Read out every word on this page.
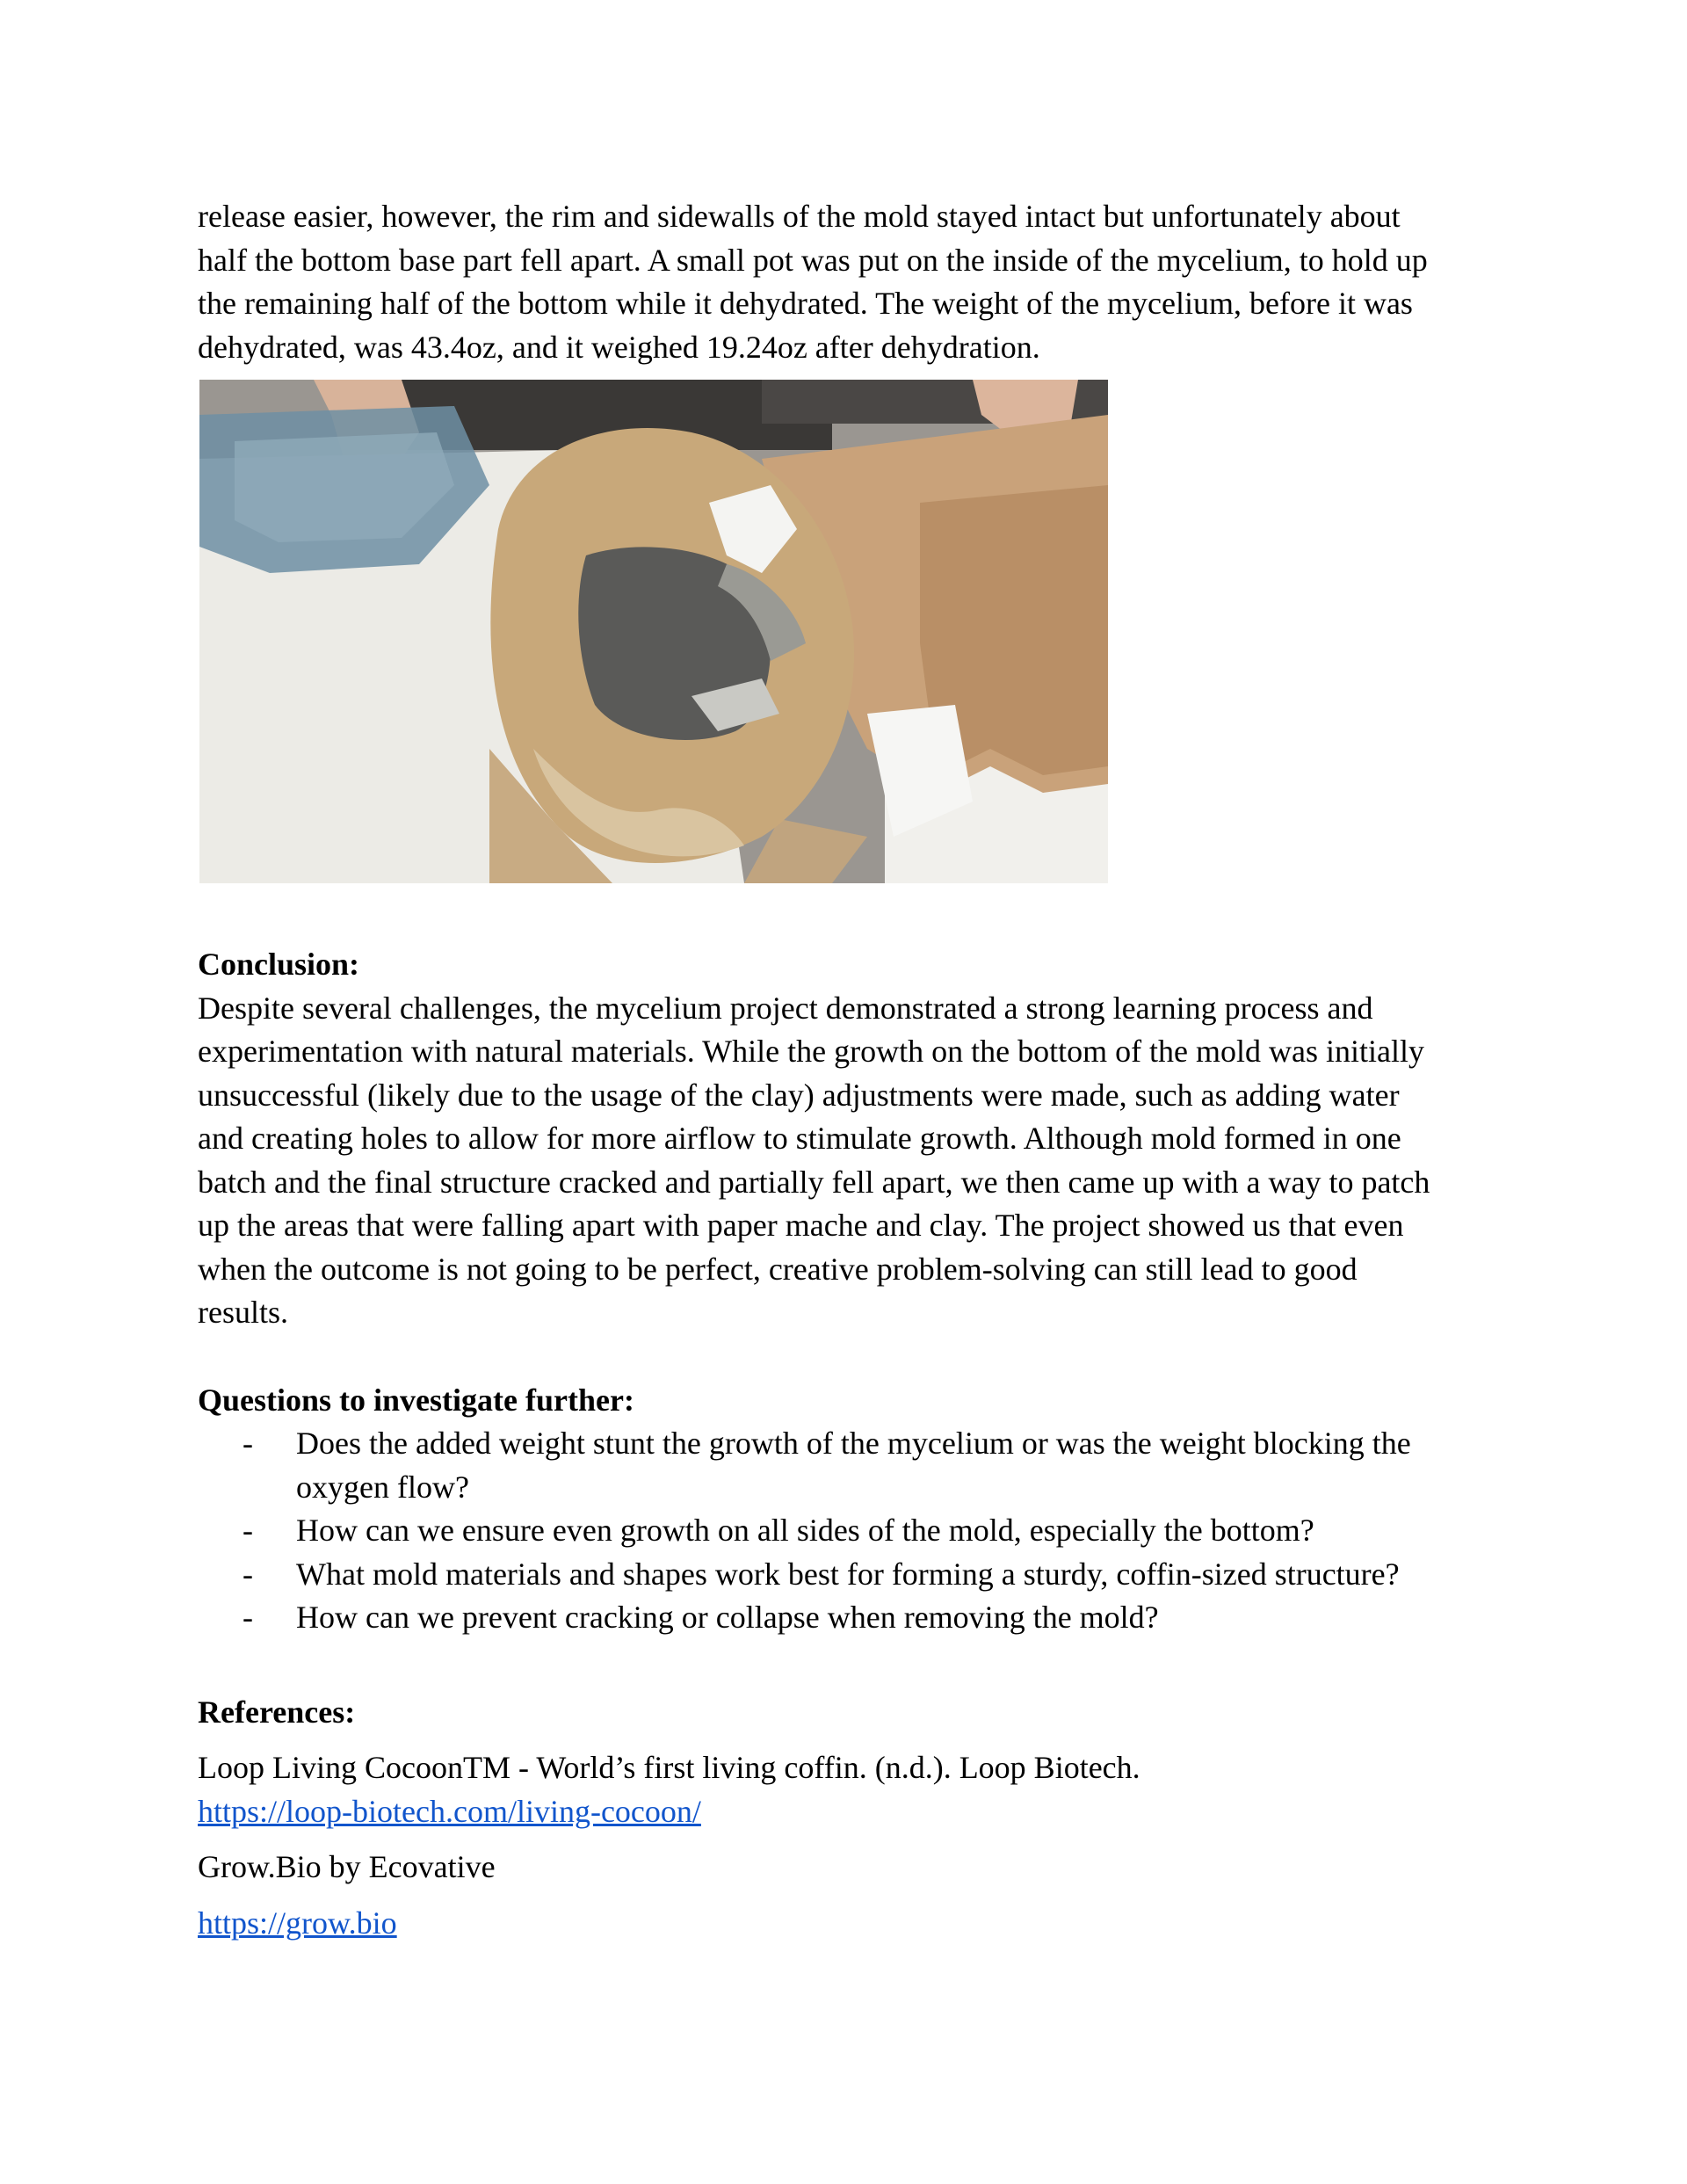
release easier, however, the rim and sidewalls of the mold stayed intact but unfortunately about

half the bottom base part fell apart. A small pot was put on the inside of the mycelium, to hold up

the remaining half of the bottom while it dehydrated. The weight of the mycelium, before it was

dehydrated, was 43.4oz, and it weighed 19.24oz after dehydration.

Conclusion:

Despite several challenges, the mycelium project demonstrated a strong learning process and

experimentation with natural materials. While the growth on the bottom of the mold was initially

unsuccessful (likely due to the usage of the clay) adjustments were made, such as adding water

and creating holes to allow for more airflow to stimulate growth. Although mold formed in one

batch and the final structure cracked and partially fell apart, we then came up with a way to patch

up the areas that were falling apart with paper mache and clay. The project showed us that even

when the outcome is not going to be perfect, creative problem-solving can still lead to good

results.

Questions to investigate further:

- Does the added weight stunt the growth of the mycelium or was the weight blocking the

oxygen flow?

- How can we ensure even growth on all sides of the mold, especially the bottom?

- What mold materials and shapes work best for forming a sturdy, coffin-sized structure?

- How can we prevent cracking or collapse when removing the mold?

References:

Loop Living CocoonTM - World’s first living coffin. (n.d.). Loop Biotech.

https://loop-biotech.com/living-cocoon/

Grow.Bio by Ecovative

https://grow.bio
